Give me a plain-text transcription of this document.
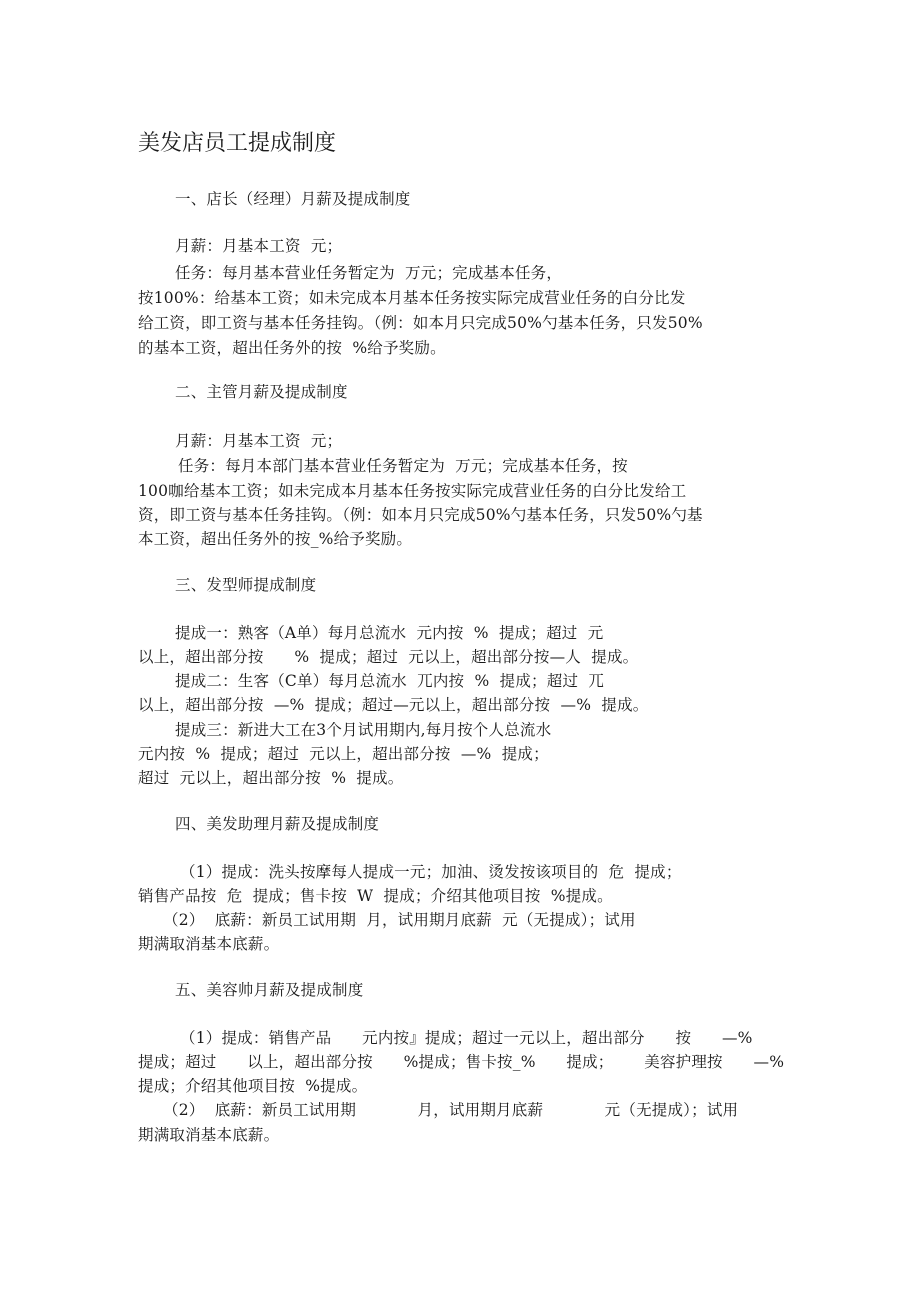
美发店员工提成制度
一、店长（经理）月薪及提成制度
月薪：月基本工资  元；
任务：每月基本营业任务暂定为  万元；完成基本任务，
按100%：给基本工资；如未完成本月基本任务按实际完成营业任务的白分比发
给工资，即工资与基本任务挂钩。（例：如本月只完成50%勺基本任务，只发50%
的基本工资，超出任务外的按  %给予奖励。
二、主管月薪及提成制度
月薪：月基本工资  元；
任务：每月本部门基本营业任务暂定为  万元；完成基本任务，按
100咖给基本工资；如未完成本月基本任务按实际完成营业任务的白分比发给工
资，即工资与基本任务挂钩。（例：如本月只完成50%勺基本任务，只发50%勺基
本工资，超出任务外的按_%给予奖励。
三、发型师提成制度
提成一：熟客（A单）每月总流水  元内按  %  提成；超过  元
以上，超出部分按      %  提成；超过  元以上，超出部分按—人  提成。
提成二：生客（C单）每月总流水  兀内按  %  提成；超过  兀
以上，超出部分按  —%  提成；超过—元以上，超出部分按  —%  提成。
提成三：新进大工在3个月试用期内,每月按个人总流水
元内按  %  提成；超过  元以上，超出部分按  —%  提成；
超过  元以上，超出部分按  %  提成。
四、美发助理月薪及提成制度
（1）提成：洗头按摩每人提成一元；加油、烫发按该项目的  危  提成；
销售产品按  危  提成；售卡按  W  提成；介绍其他项目按  %提成。
（2）  底薪：新员工试用期  月，试用期月底薪  元（无提成）；试用
期满取消基本底薪。
五、美容帅月薪及提成制度
（1）提成：销售产品      元内按』提成；超过一元以上，超出部分      按      —%
提成；超过      以上，超出部分按      %提成；售卡按_%      提成；      美容护理按      —%
提成；介绍其他项目按  %提成。
（2）  底薪：新员工试用期            月，试用期月底薪            元（无提成）；试用
期满取消基本底薪。
